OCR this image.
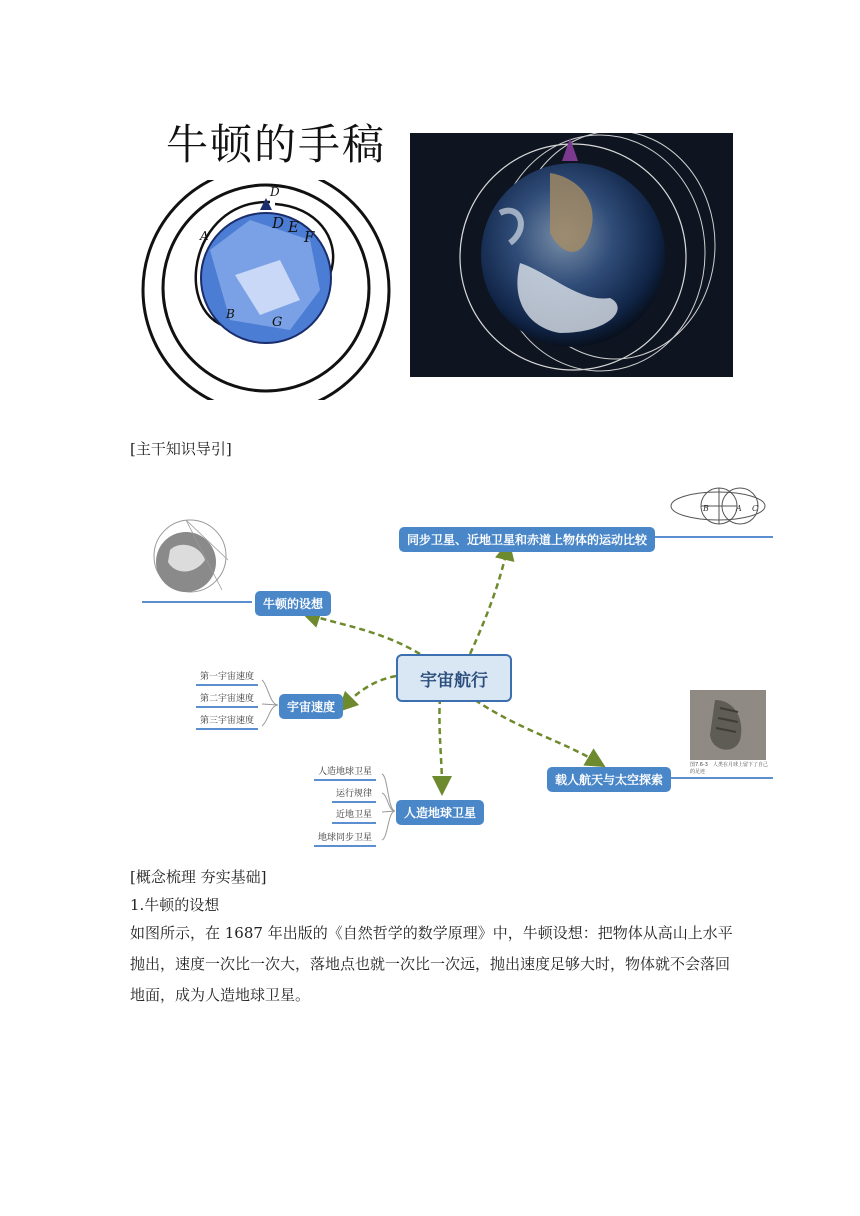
牛顿的手稿
D
A
D E
F
B
G
[主干知识导引]
B	A C
宇宙航行
同步卫星、近地卫星和赤道上物体的运动比较
牛顿的设想
宇宙速度
载人航天与太空探索
人造地球卫星
第一宇宙速度
第二宇宙速度
第三宇宙速度
人造地球卫星
运行规律
近地卫星
地球同步卫星
图7.6-3　人类在月球上留下了自己的足迹
[概念梳理 夯实基础]
1.牛顿的设想
如图所示，在 1687 年出版的《自然哲学的数学原理》中，牛顿设想：把物体从高山上水平
抛出，速度一次比一次大，落地点也就一次比一次远，抛出速度足够大时，物体就不会落回
地面，成为人造地球卫星。
